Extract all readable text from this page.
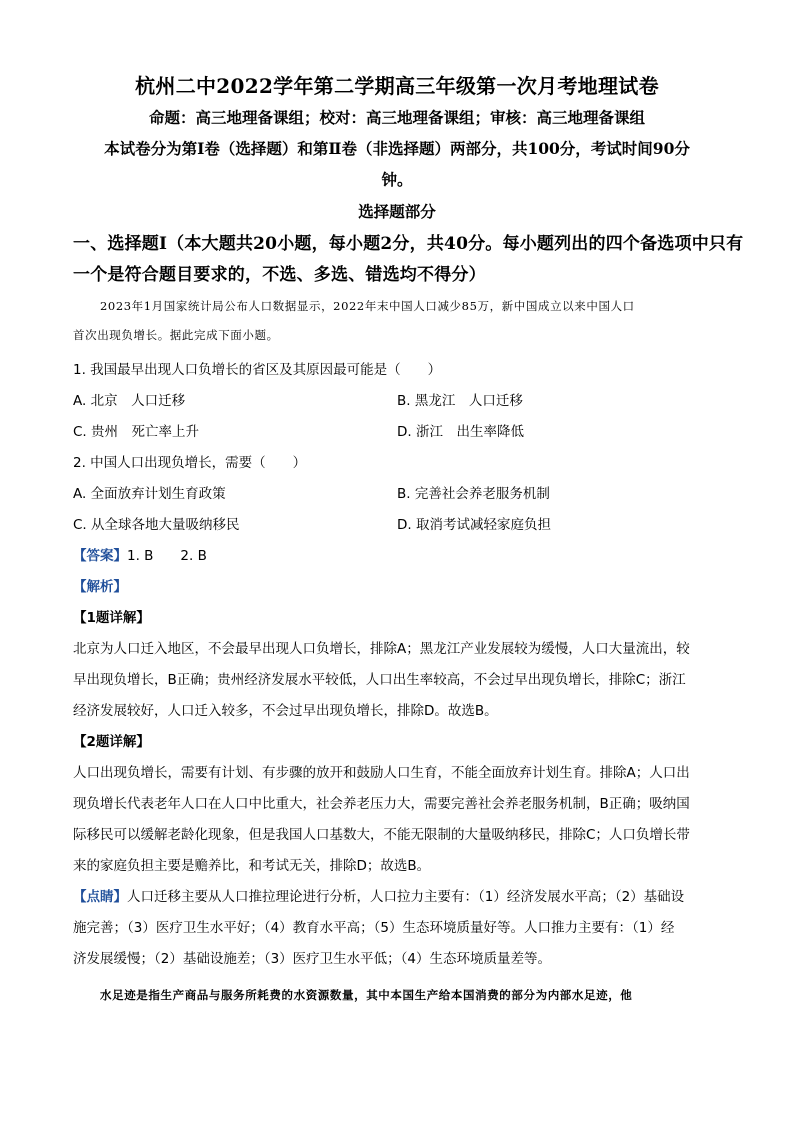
杭州二中2022学年第二学期高三年级第一次月考地理试卷
命题：高三地理备课组；校对：高三地理备课组；审核：高三地理备课组
本试卷分为第Ⅰ卷（选择题）和第Ⅱ卷（非选择题）两部分，共100分，考试时间90分
钟。
选择题部分
一、选择题Ⅰ（本大题共20小题，每小题2分，共40分。每小题列出的四个备选项中只有
一个是符合题目要求的，不选、多选、错选均不得分）
2023年1月国家统计局公布人口数据显示，2022年末中国人口减少85万，新中国成立以来中国人口
首次出现负增长。据此完成下面小题。
1. 我国最早出现人口负增长的省区及其原因最可能是（　　）
A. 北京　人口迁移	B. 黑龙江　人口迁移
C. 贵州　死亡率上升	D. 浙江　出生率降低
2. 中国人口出现负增长，需要（　　）
A. 全面放弃计划生育政策	B. 完善社会养老服务机制
C. 从全球各地大量吸纳移民	D. 取消考试减轻家庭负担
【答案】1. B　　2. B
【解析】
【1题详解】
北京为人口迁入地区，不会最早出现人口负增长，排除A；黑龙江产业发展较为缓慢，人口大量流出，较
早出现负增长，B正确；贵州经济发展水平较低，人口出生率较高，不会过早出现负增长，排除C；浙江
经济发展较好，人口迁入较多，不会过早出现负增长，排除D。故选B。
【2题详解】
人口出现负增长，需要有计划、有步骤的放开和鼓励人口生育，不能全面放弃计划生育。排除A；人口出
现负增长代表老年人口在人口中比重大，社会养老压力大，需要完善社会养老服务机制，B正确；吸纳国
际移民可以缓解老龄化现象，但是我国人口基数大，不能无限制的大量吸纳移民，排除C；人口负增长带
来的家庭负担主要是赡养比，和考试无关，排除D；故选B。
【点睛】人口迁移主要从人口推拉理论进行分析，人口拉力主要有：（1）经济发展水平高；（2）基础设
施完善；（3）医疗卫生水平好；（4）教育水平高；（5）生态环境质量好等。人口推力主要有：（1）经
济发展缓慢；（2）基础设施差；（3）医疗卫生水平低；（4）生态环境质量差等。
水足迹是指生产商品与服务所耗费的水资源数量，其中本国生产给本国消费的部分为内部水足迹，他
